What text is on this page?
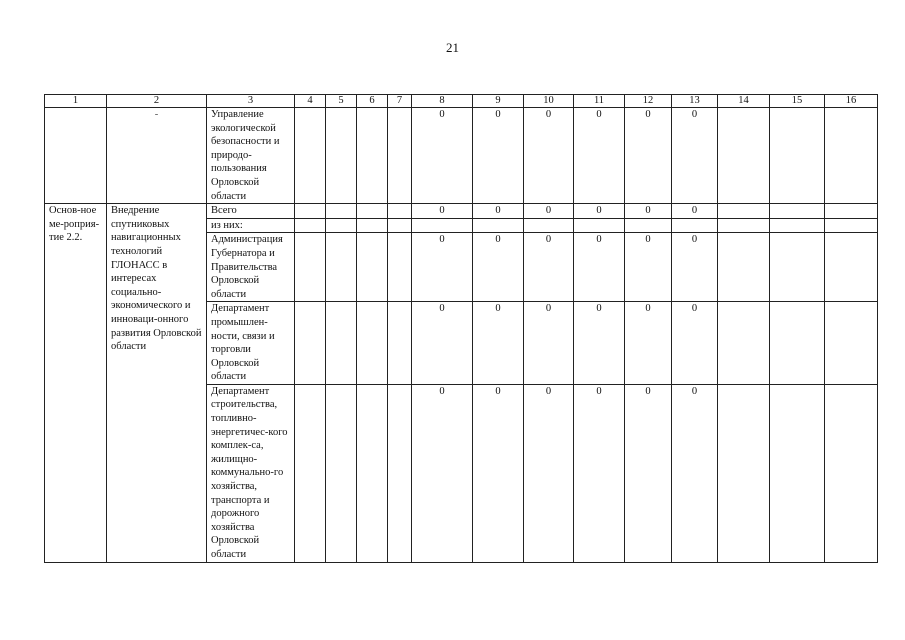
21
1	2	3	4	5	6	7	8	9	10	11	12	13	14	15	16

	-	Управление экологической безопасности и природо-пользования Орловской области					0	0	0	0	0	0			
Основ-ное ме-роприя-тие 2.2.	Внедрение спутниковых навигационных технологий ГЛОНАСС в интересах социально-экономического и инноваци-онного развития Орловской области	Всего					0	0	0	0	0	0			
		из них:													
		Администрация Губернатора и Правительства Орловской области					0	0	0	0	0	0			
		Департамент промышлен-ности, связи и торговли Орловской области					0	0	0	0	0	0			
		Департамент строительства, топливно-энергетичес-кого комплек-са, жилищно-коммунально-го хозяйства, транспорта и дорожного хозяйства Орловской области					0	0	0	0	0	0			
